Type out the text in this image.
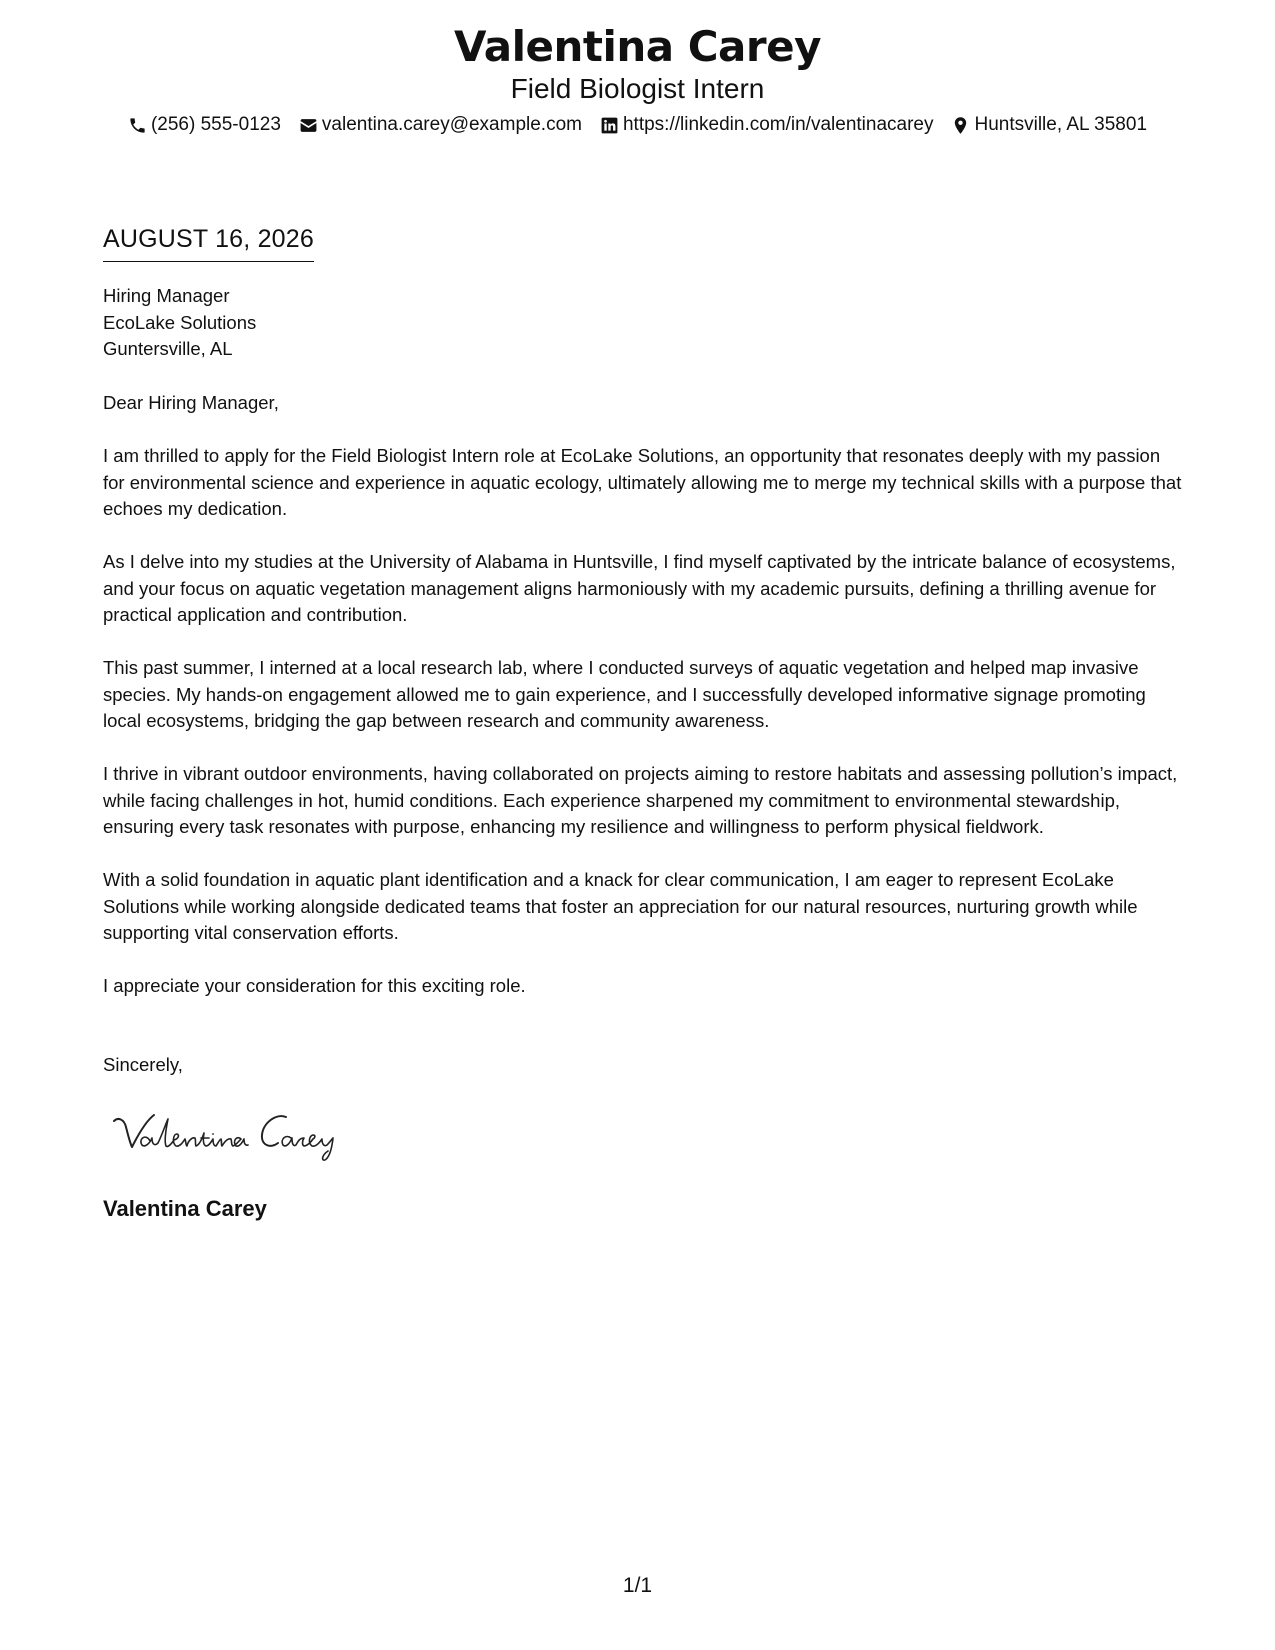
Valentina Carey
Field Biologist Intern
(256) 555-0123 valentina.carey@example.com https://linkedin.com/in/valentinacarey Huntsville, AL 35801
AUGUST 16, 2026
Hiring Manager
EcoLake Solutions
Guntersville, AL

Dear Hiring Manager,

I am thrilled to apply for the Field Biologist Intern role at EcoLake Solutions, an opportunity that resonates deeply with my passion for environmental science and experience in aquatic ecology, ultimately allowing me to merge my technical skills with a purpose that echoes my dedication.

As I delve into my studies at the University of Alabama in Huntsville, I find myself captivated by the intricate balance of ecosystems, and your focus on aquatic vegetation management aligns harmoniously with my academic pursuits, defining a thrilling avenue for practical application and contribution.

This past summer, I interned at a local research lab, where I conducted surveys of aquatic vegetation and helped map invasive species. My hands-on engagement allowed me to gain experience, and I successfully developed informative signage promoting local ecosystems, bridging the gap between research and community awareness.

I thrive in vibrant outdoor environments, having collaborated on projects aiming to restore habitats and assessing pollution’s impact, while facing challenges in hot, humid conditions. Each experience sharpened my commitment to environmental stewardship, ensuring every task resonates with purpose, enhancing my resilience and willingness to perform physical fieldwork.

With a solid foundation in aquatic plant identification and a knack for clear communication, I am eager to represent EcoLake Solutions while working alongside dedicated teams that foster an appreciation for our natural resources, nurturing growth while supporting vital conservation efforts.

I appreciate your consideration for this exciting role.

Sincerely,
Valentina Carey
1/1
